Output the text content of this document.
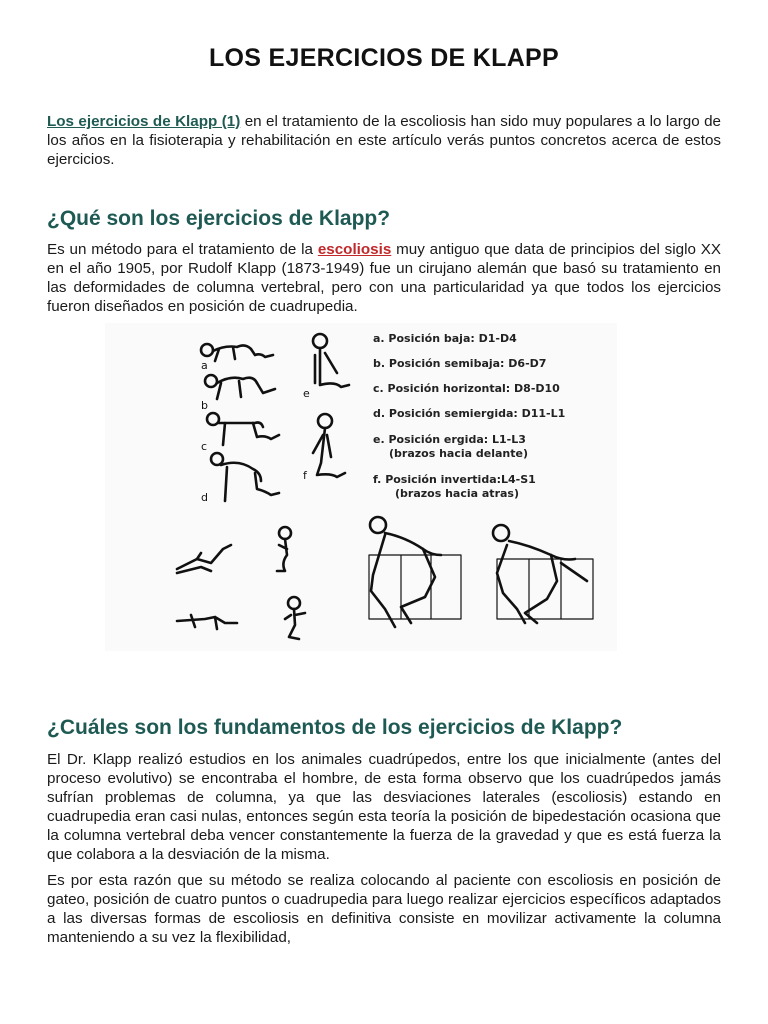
LOS EJERCICIOS DE KLAPP

Los ejercicios de Klapp (1) en el tratamiento de la escoliosis han sido muy populares a lo largo de los años en la fisioterapia y rehabilitación en este artículo verás puntos concretos acerca de estos ejercicios.

¿Qué son los ejercicios de Klapp?

Es un método para el tratamiento de la escoliosis muy antiguo que data de principios del siglo XX en el año 1905, por Rudolf Klapp (1873-1949) fue un cirujano alemán que basó su tratamiento en las deformidades de columna vertebral, pero con una particularidad ya que todos los ejercicios fueron diseñados en posición de cuadrupedia.

a
b
c
d
e
f
a. Posición baja: D1-D4
b. Posición semibaja: D6-D7
c. Posición horizontal: D8-D10
d. Posición semiergida: D11-L1
e. Posición ergida: L1-L3
(brazos hacia delante)
f. Posición invertida:L4-S1
(brazos hacia atras)
¿Cuáles son los fundamentos de los ejercicios de Klapp?

El Dr. Klapp realizó estudios en los animales cuadrúpedos, entre los que inicialmente (antes del proceso evolutivo) se encontraba el hombre, de esta forma observo que los cuadrúpedos jamás sufrían problemas de columna, ya que las desviaciones laterales (escoliosis) estando en cuadrupedia eran casi nulas, entonces según esta teoría la posición de bipedestación ocasiona que la columna vertebral deba vencer constantemente la fuerza de la gravedad y que es está fuerza la que colabora a la desviación de la misma.

Es por esta razón que su método se realiza colocando al paciente con escoliosis en posición de gateo, posición de cuatro puntos o cuadrupedia para luego realizar ejercicios específicos adaptados a las diversas formas de escoliosis en definitiva consiste en movilizar activamente la columna manteniendo a su vez la flexibilidad,
